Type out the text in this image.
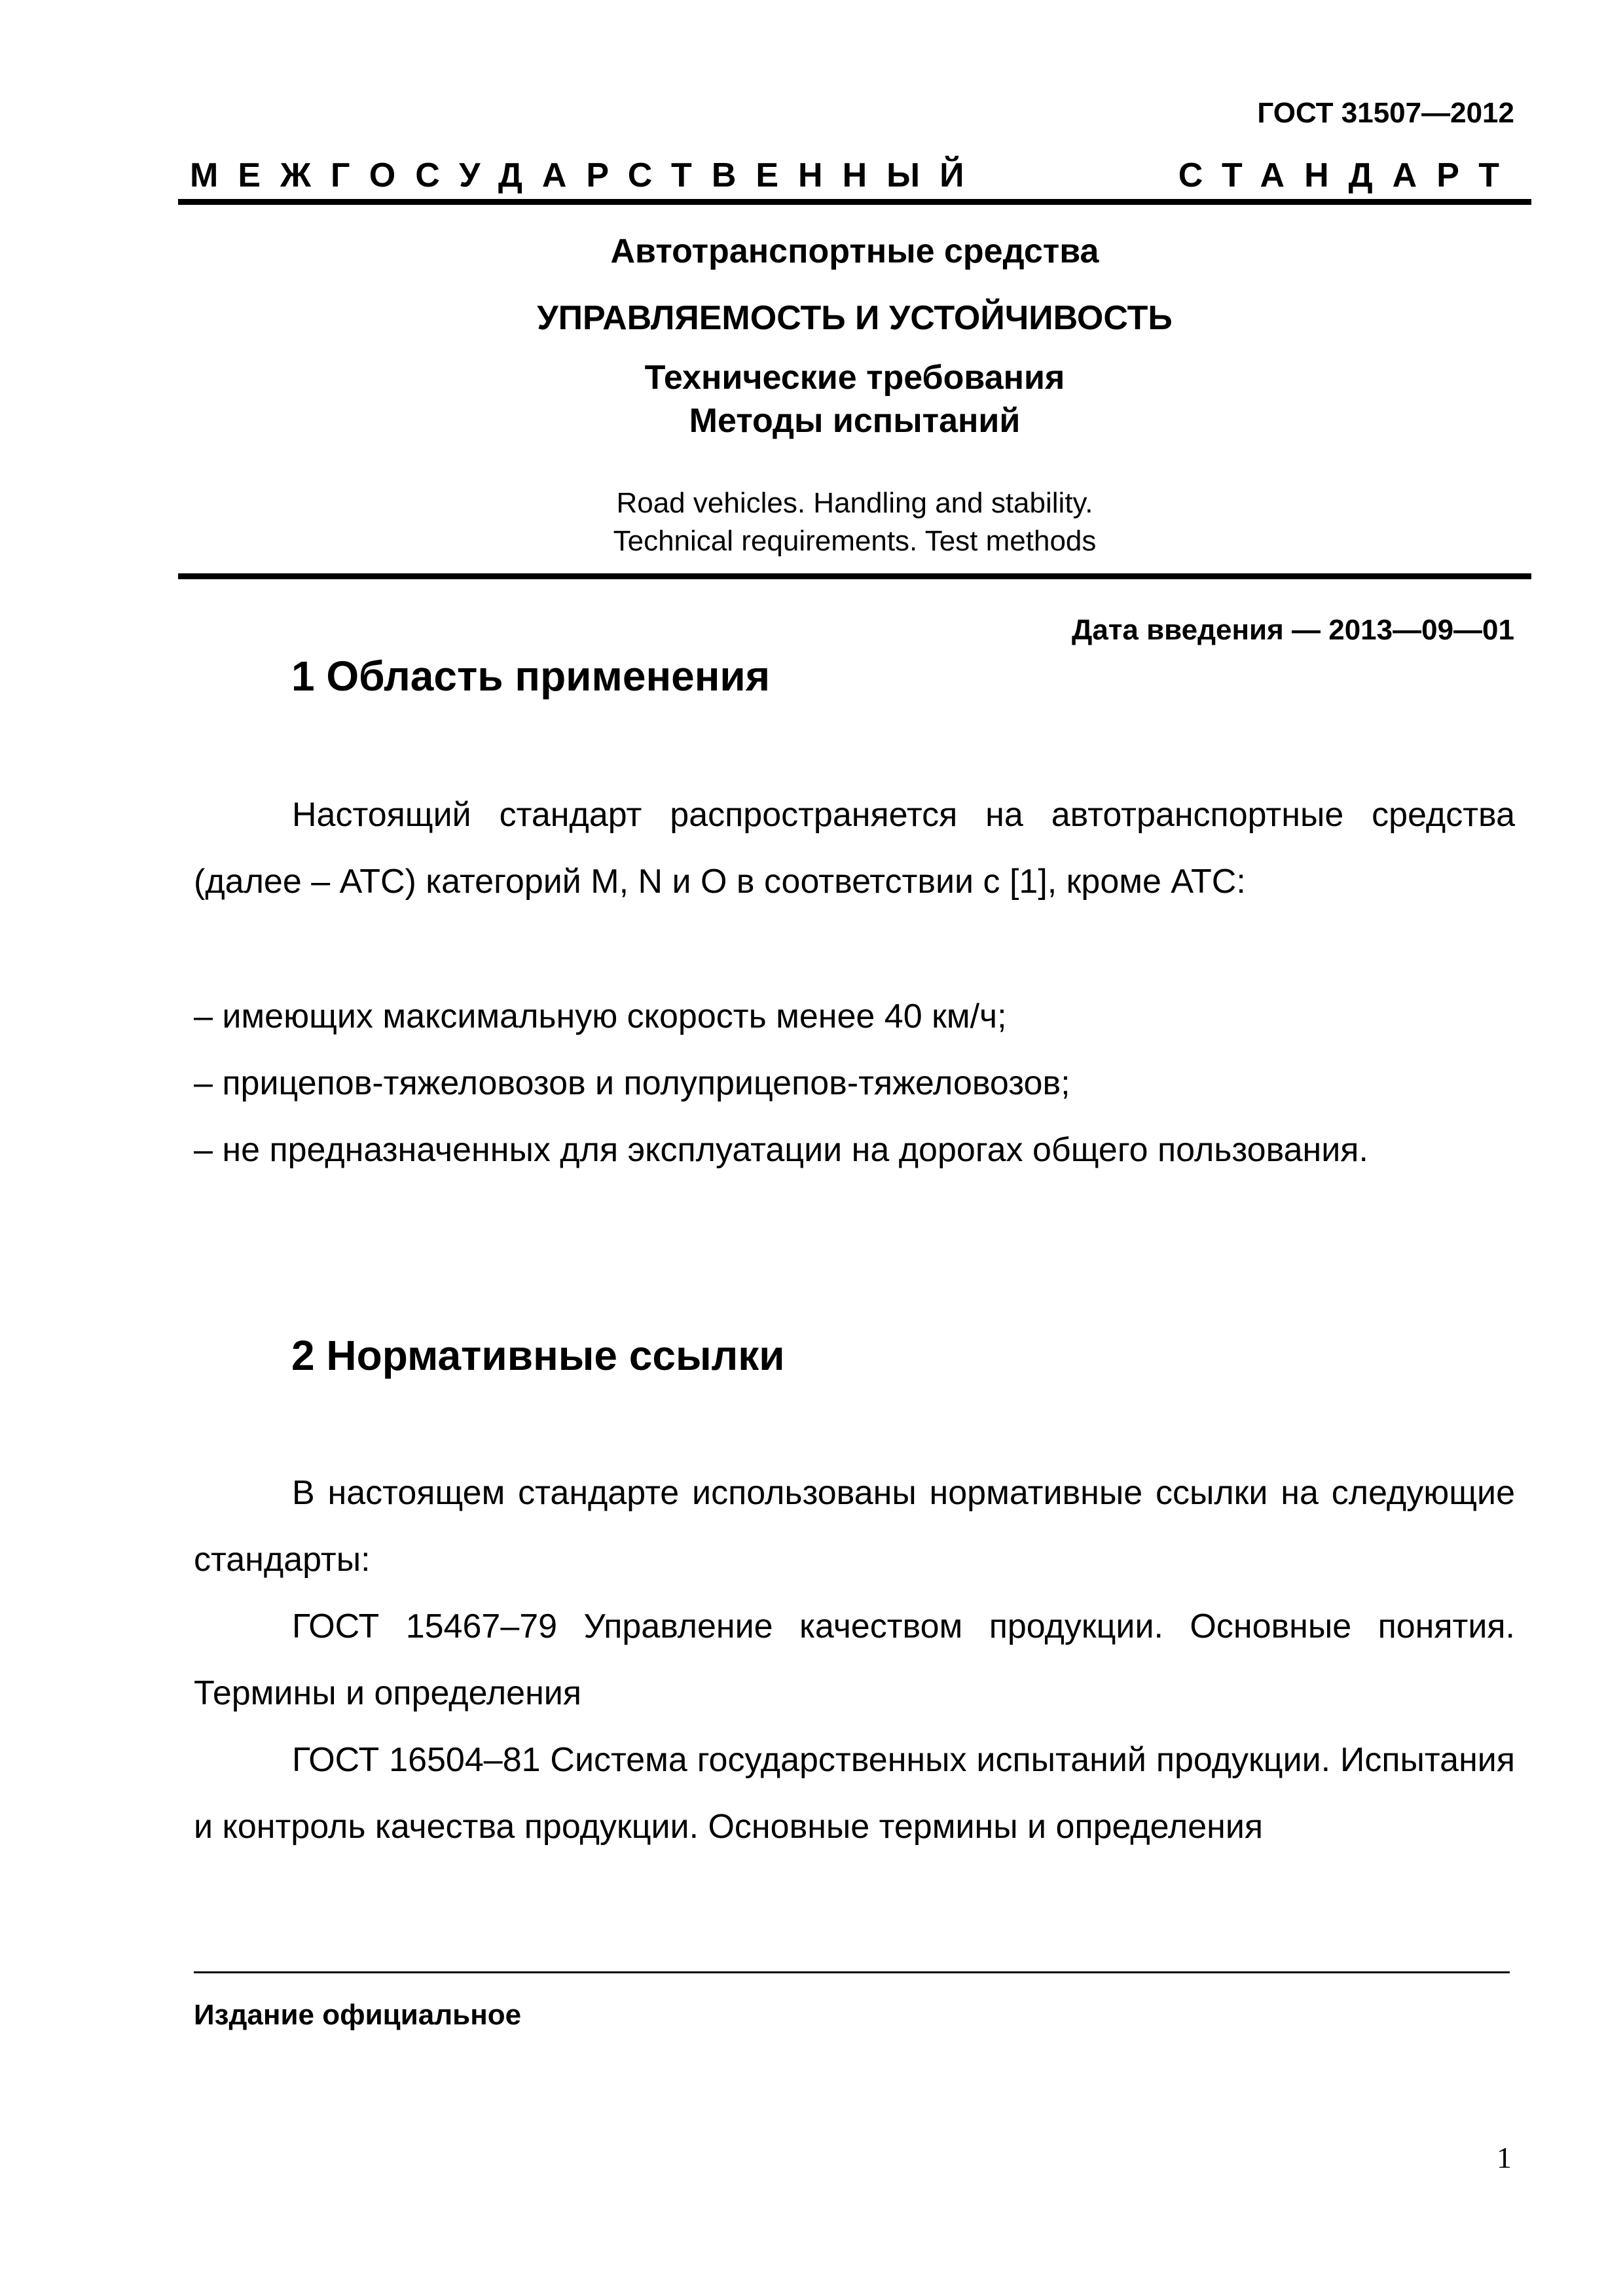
ГОСТ 31507—2012
МЕЖГОСУДАРСТВЕННЫЙ	СТАНДАРТ
Автотранспортные средства
УПРАВЛЯЕМОСТЬ И УСТОЙЧИВОСТЬ
Технические требования
Методы испытаний
Road vehicles. Handling and stability.
Technical requirements. Test methods
Дата введения — 2013—09—01
1 Область применения
Настоящий стандарт распространяется на автотранспортные средства (далее – АТС) категорий М, N и О в соответствии с [1], кроме АТС:
– имеющих максимальную скорость менее 40 км/ч;
– прицепов-тяжеловозов и полуприцепов-тяжеловозов;
– не предназначенных для эксплуатации на дорогах общего пользования.
2 Нормативные ссылки
В настоящем стандарте использованы нормативные ссылки на следующие стандарты:
ГОСТ 15467–79 Управление качеством продукции. Основные понятия. Термины и определения
ГОСТ 16504–81 Система государственных испытаний продукции. Испытания и контроль качества продукции. Основные термины и определения
Издание официальное
1
